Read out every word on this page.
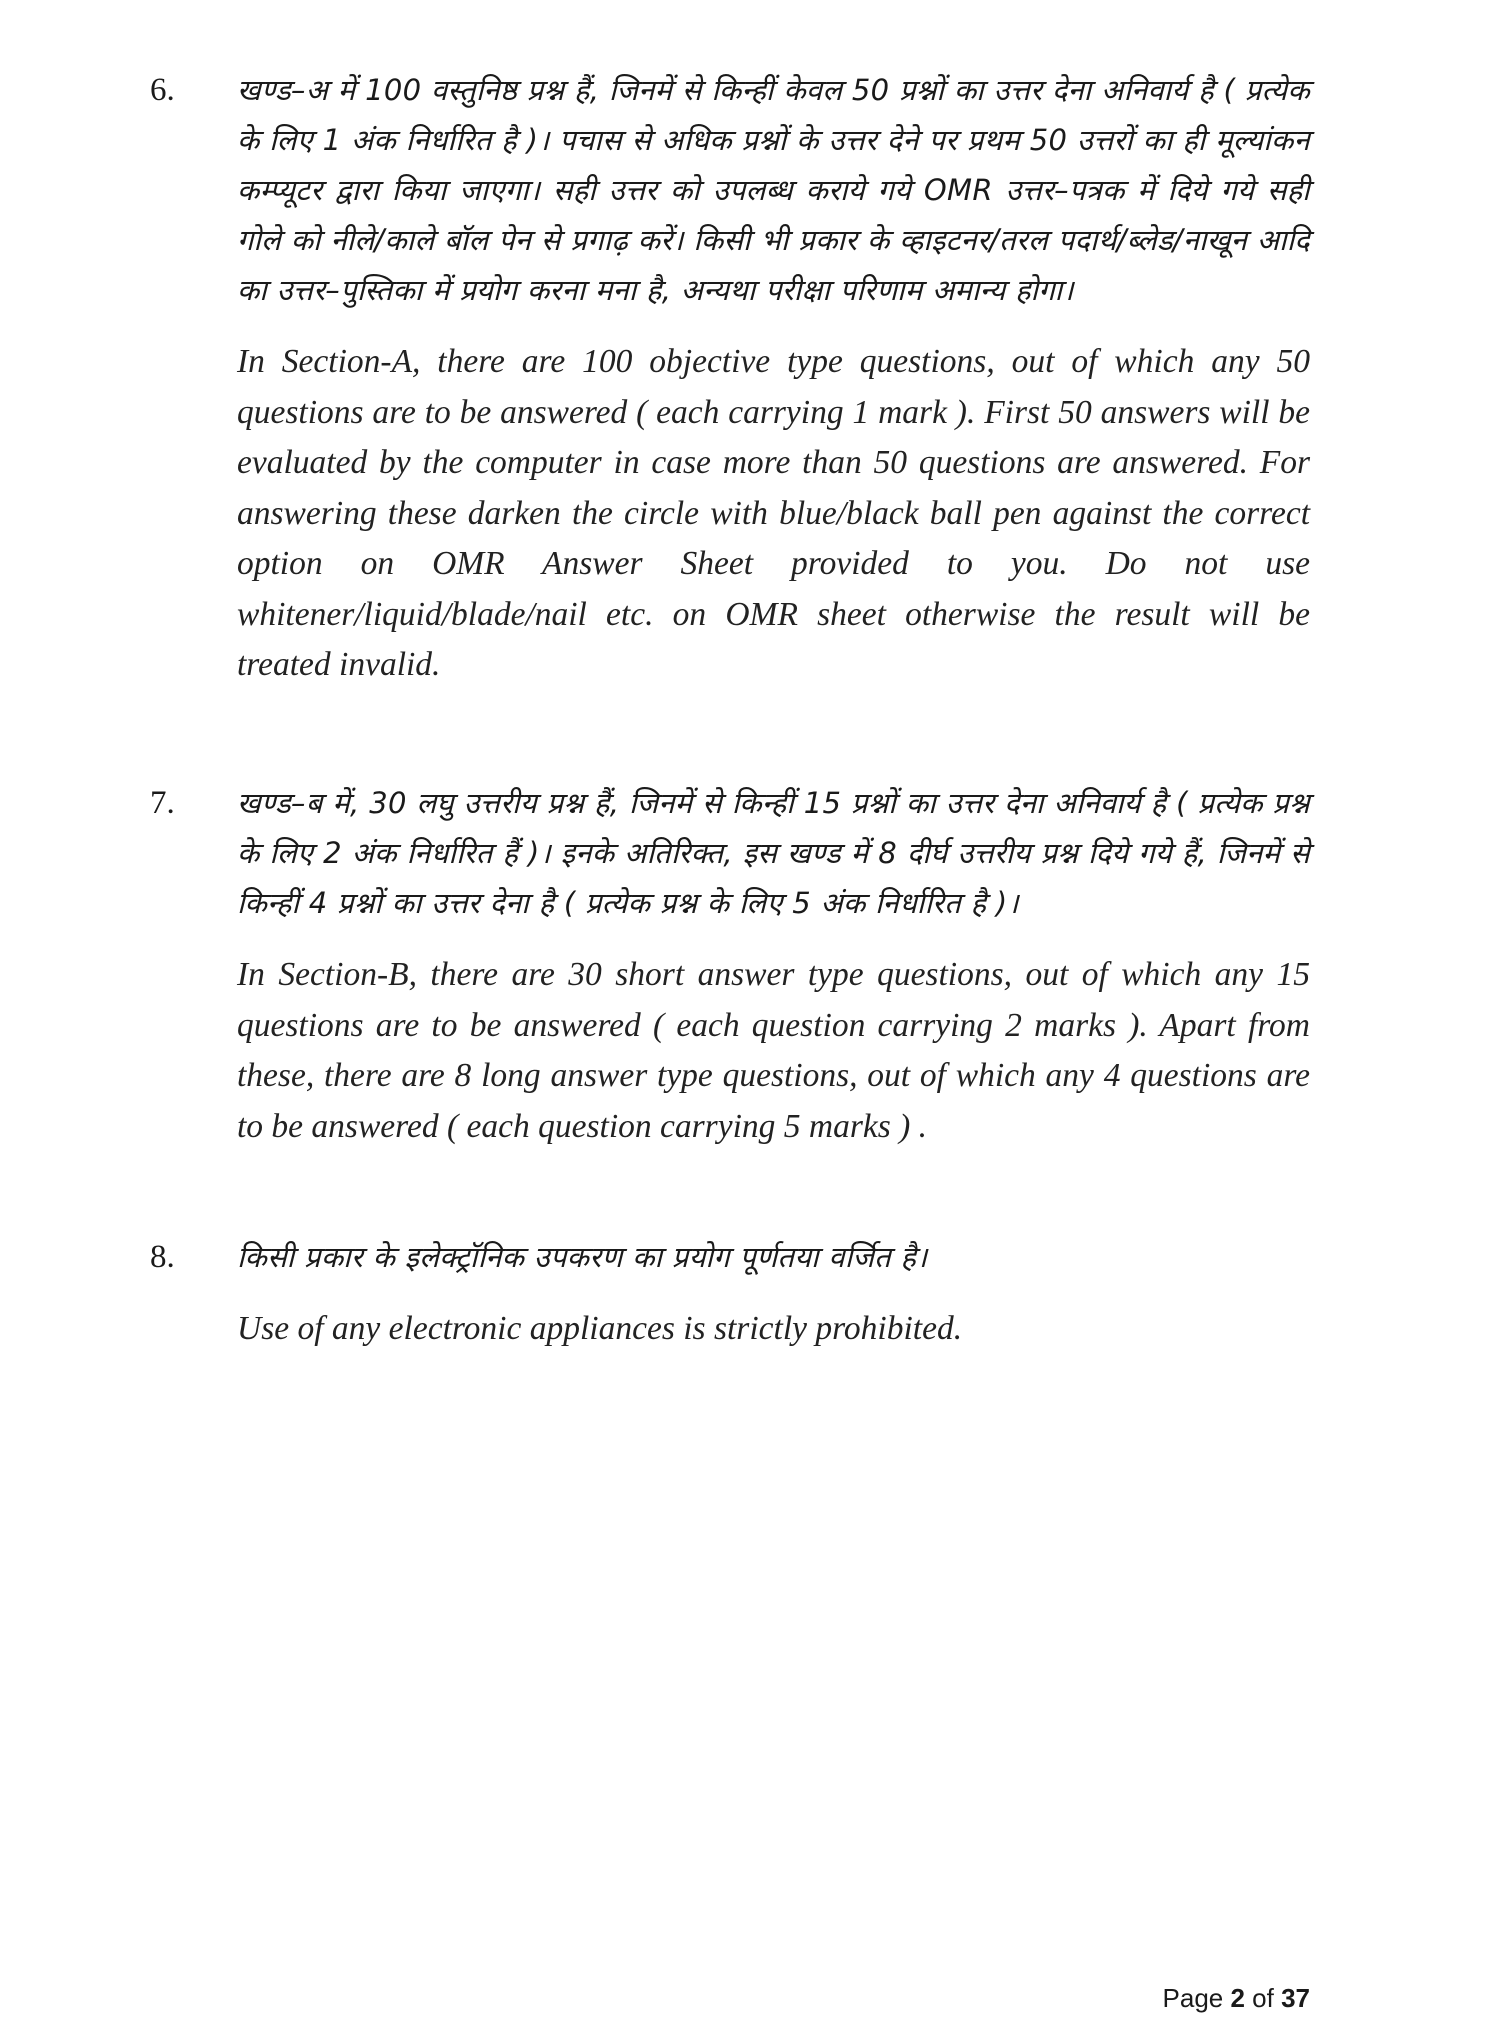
6. खण्ड–अ में 100 वस्तुनिष्ठ प्रश्न हैं, जिनमें से किन्हीं केवल 50 प्रश्नों का उत्तर देना अनिवार्य है ( प्रत्येक के लिए 1 अंक निर्धारित है )। पचास से अधिक प्रश्नों के उत्तर देने पर प्रथम 50 उत्तरों का ही मूल्यांकन कम्प्यूटर द्वारा किया जाएगा। सही उत्तर को उपलब्ध कराये गये OMR उत्तर–पत्रक में दिये गये सही गोले को नीले/काले बॉल पेन से प्रगाढ़ करें। किसी भी प्रकार के व्हाइटनर/तरल पदार्थ/ब्लेड/नाखून आदि का उत्तर–पुस्तिका में प्रयोग करना मना है, अन्यथा परीक्षा परिणाम अमान्य होगा।

In Section-A, there are 100 objective type questions, out of which any 50 questions are to be answered ( each carrying 1 mark ). First 50 answers will be evaluated by the computer in case more than 50 questions are answered. For answering these darken the circle with blue/black ball pen against the correct option on OMR Answer Sheet provided to you. Do not use whitener/liquid/blade/nail etc. on OMR sheet otherwise the result will be treated invalid.

7. खण्ड–ब में, 30 लघु उत्तरीय प्रश्न हैं, जिनमें से किन्हीं 15 प्रश्नों का उत्तर देना अनिवार्य है ( प्रत्येक प्रश्न के लिए 2 अंक निर्धारित हैं )। इनके अतिरिक्त, इस खण्ड में 8 दीर्घ उत्तरीय प्रश्न दिये गये हैं, जिनमें से किन्हीं 4 प्रश्नों का उत्तर देना है ( प्रत्येक प्रश्न के लिए 5 अंक निर्धारित है )।

In Section-B, there are 30 short answer type questions, out of which any 15 questions are to be answered ( each question carrying 2 marks ). Apart from these, there are 8 long answer type questions, out of which any 4 questions are to be answered ( each question carrying 5 marks ) .

8. किसी प्रकार के इलेक्ट्रॉनिक उपकरण का प्रयोग पूर्णतया वर्जित है।

Use of any electronic appliances is strictly prohibited.

Page 2 of 37
